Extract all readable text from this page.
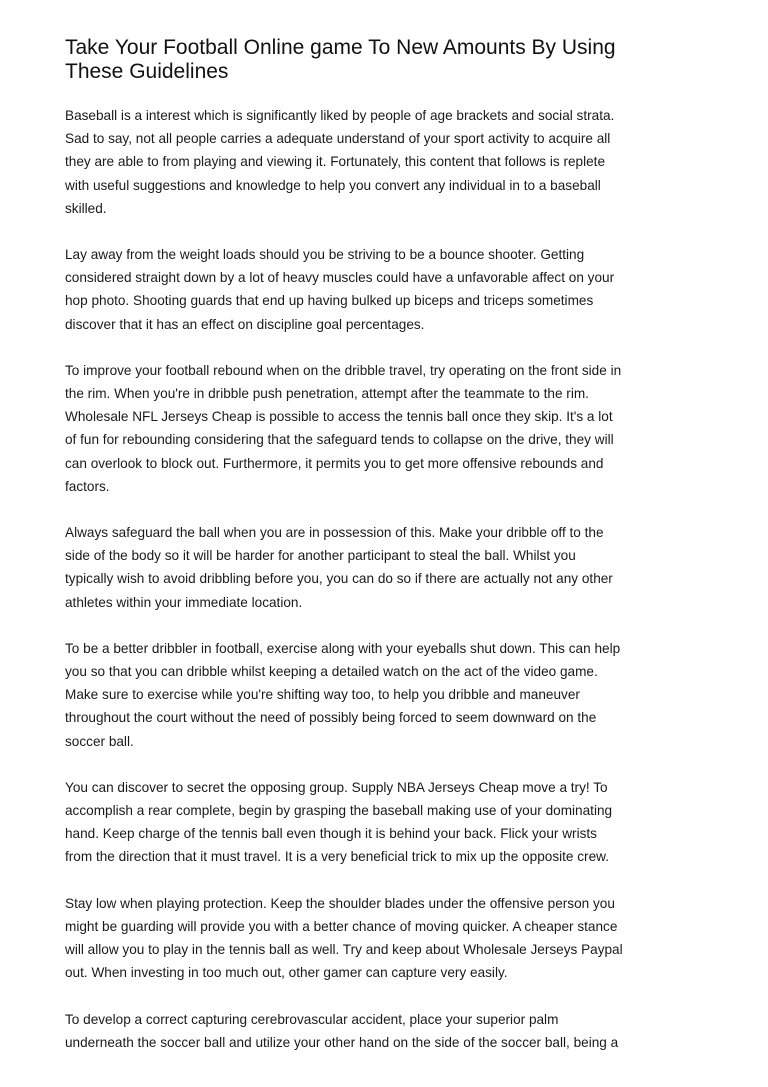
Take Your Football Online game To New Amounts By Using
These Guidelines

Baseball is a interest which is significantly liked by people of age brackets and social strata.
Sad to say, not all people carries a adequate understand of your sport activity to acquire all
they are able to from playing and viewing it. Fortunately, this content that follows is replete
with useful suggestions and knowledge to help you convert any individual in to a baseball
skilled.

Lay away from the weight loads should you be striving to be a bounce shooter. Getting
considered straight down by a lot of heavy muscles could have a unfavorable affect on your
hop photo. Shooting guards that end up having bulked up biceps and triceps sometimes
discover that it has an effect on discipline goal percentages.

To improve your football rebound when on the dribble travel, try operating on the front side in
the rim. When you're in dribble push penetration, attempt after the teammate to the rim.
Wholesale NFL Jerseys Cheap is possible to access the tennis ball once they skip. It's a lot
of fun for rebounding considering that the safeguard tends to collapse on the drive, they will
can overlook to block out. Furthermore, it permits you to get more offensive rebounds and
factors.

Always safeguard the ball when you are in possession of this. Make your dribble off to the
side of the body so it will be harder for another participant to steal the ball. Whilst you
typically wish to avoid dribbling before you, you can do so if there are actually not any other
athletes within your immediate location.

To be a better dribbler in football, exercise along with your eyeballs shut down. This can help
you so that you can dribble whilst keeping a detailed watch on the act of the video game.
Make sure to exercise while you're shifting way too, to help you dribble and maneuver
throughout the court without the need of possibly being forced to seem downward on the
soccer ball.

You can discover to secret the opposing group. Supply NBA Jerseys Cheap move a try! To
accomplish a rear complete, begin by grasping the baseball making use of your dominating
hand. Keep charge of the tennis ball even though it is behind your back. Flick your wrists
from the direction that it must travel. It is a very beneficial trick to mix up the opposite crew.

Stay low when playing protection. Keep the shoulder blades under the offensive person you
might be guarding will provide you with a better chance of moving quicker. A cheaper stance
will allow you to play in the tennis ball as well. Try and keep about Wholesale Jerseys Paypal
out. When investing in too much out, other gamer can capture very easily.

To develop a correct capturing cerebrovascular accident, place your superior palm
underneath the soccer ball and utilize your other hand on the side of the soccer ball, being a
